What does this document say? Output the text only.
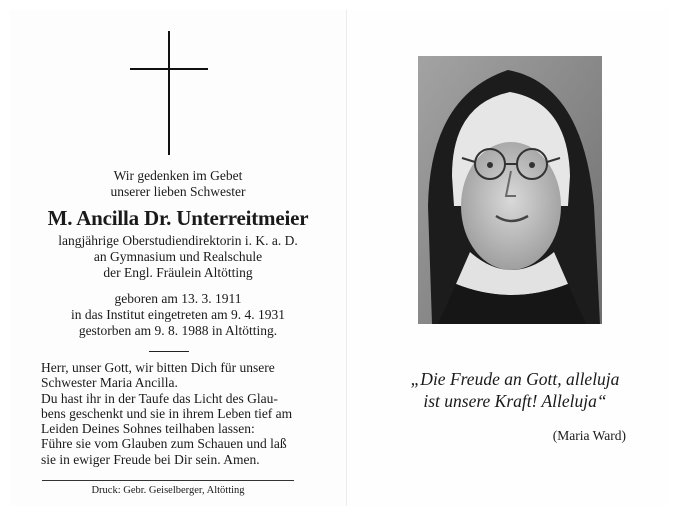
Wir gedenken im Gebet
unserer lieben Schwester
M. Ancilla Dr. Unterreitmeier
langjährige Oberstudiendirektorin i. K. a. D.
an Gymnasium und Realschule
der Engl. Fräulein Altötting
geboren am 13. 3. 1911
in das Institut eingetreten am 9. 4. 1931
gestorben am 9. 8. 1988 in Altötting.
Herr, unser Gott, wir bitten Dich für unsere
Schwester Maria Ancilla.
Du hast ihr in der Taufe das Licht des Glau-
bens geschenkt und sie in ihrem Leben tief am
Leiden Deines Sohnes teilhaben lassen:
Führe sie vom Glauben zum Schauen und laß
sie in ewiger Freude bei Dir sein. Amen.
Druck: Gebr. Geiselberger, Altötting
„Die Freude an Gott, alleluja
ist unsere Kraft! Alleluja“
(Maria Ward)
